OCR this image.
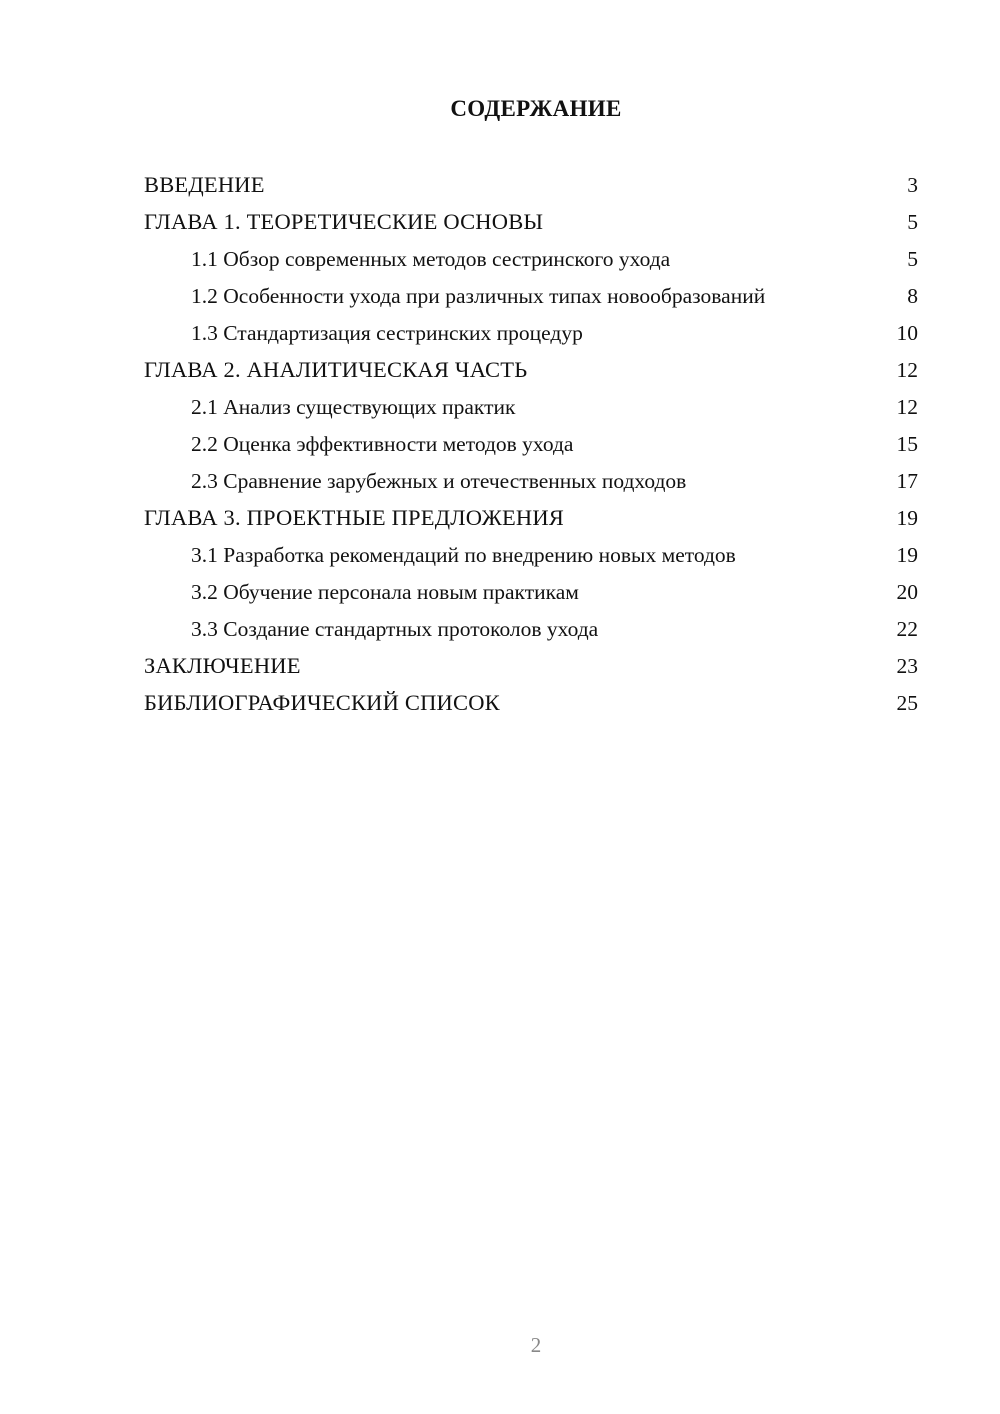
СОДЕРЖАНИЕ
ВВЕДЕНИЕ	3
ГЛАВА 1. ТЕОРЕТИЧЕСКИЕ ОСНОВЫ	5
1.1 Обзор современных методов сестринского ухода	5
1.2 Особенности ухода при различных типах новообразований	8
1.3 Стандартизация сестринских процедур	10
ГЛАВА 2. АНАЛИТИЧЕСКАЯ ЧАСТЬ	12
2.1 Анализ существующих практик	12
2.2 Оценка эффективности методов ухода	15
2.3 Сравнение зарубежных и отечественных подходов	17
ГЛАВА 3. ПРОЕКТНЫЕ ПРЕДЛОЖЕНИЯ	19
3.1 Разработка рекомендаций по внедрению новых методов	19
3.2 Обучение персонала новым практикам	20
3.3 Создание стандартных протоколов ухода	22
ЗАКЛЮЧЕНИЕ	23
БИБЛИОГРАФИЧЕСКИЙ СПИСОК	25
2
